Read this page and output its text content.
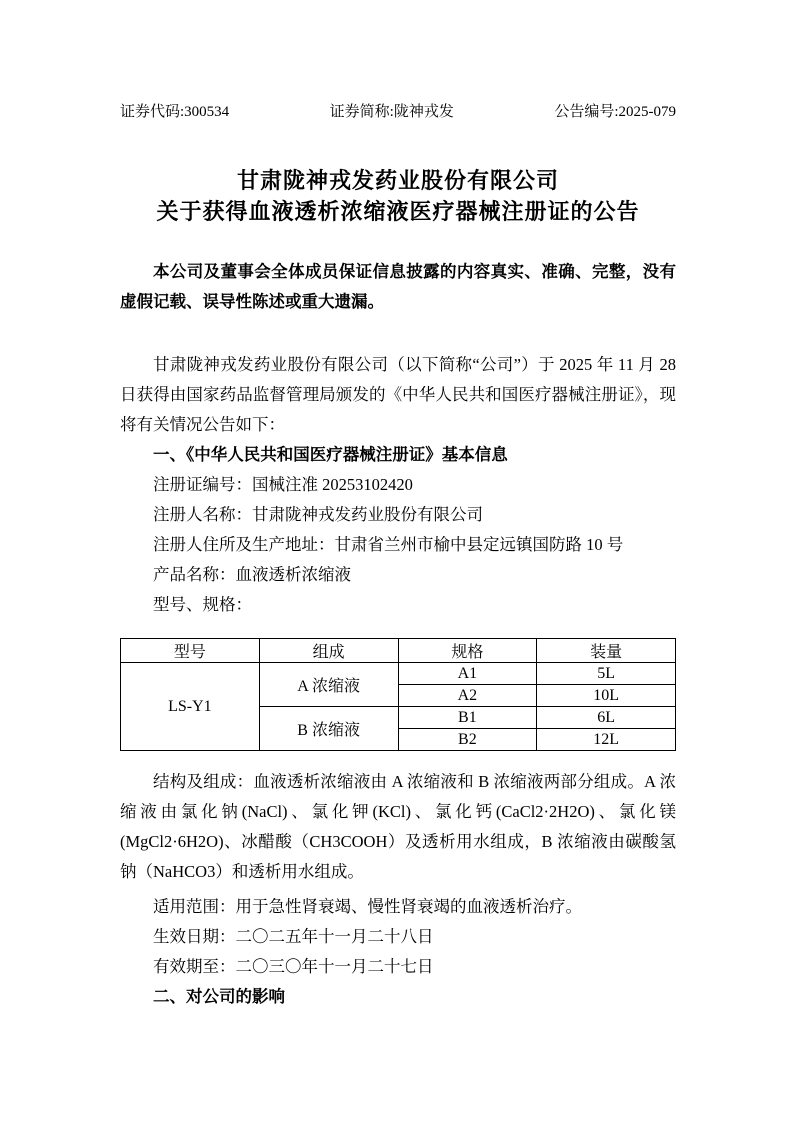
证券代码:300534	证券简称:陇神戎发	公告编号:2025-079
甘肃陇神戎发药业股份有限公司
关于获得血液透析浓缩液医疗器械注册证的公告

本公司及董事会全体成员保证信息披露的内容真实、准确、完整，没有虚假记载、误导性陈述或重大遗漏。

甘肃陇神戎发药业股份有限公司（以下简称“公司”）于 2025 年 11 月 28 日获得由国家药品监督管理局颁发的《中华人民共和国医疗器械注册证》，现将有关情况公告如下：

一、《中华人民共和国医疗器械注册证》基本信息

注册证编号：国械注准 20253102420

注册人名称：甘肃陇神戎发药业股份有限公司

注册人住所及生产地址：甘肃省兰州市榆中县定远镇国防路 10 号

产品名称：血液透析浓缩液

型号、规格：

型号	组成	规格	装量
LS-Y1	A 浓缩液	A1	5L
		A2	10L
	B 浓缩液	B1	6L
		B2	12L

结构及组成：血液透析浓缩液由 A 浓缩液和 B 浓缩液两部分组成。A 浓缩液由氯化钠(NaCl)、氯化钾(KCl)、氯化钙(CaCl2·2H2O)、氯化镁(MgCl2·6H2O)、冰醋酸（CH3COOH）及透析用水组成，B 浓缩液由碳酸氢钠（NaHCO3）和透析用水组成。

适用范围：用于急性肾衰竭、慢性肾衰竭的血液透析治疗。

生效日期：二〇二五年十一月二十八日

有效期至：二〇三〇年十一月二十七日

二、对公司的影响
